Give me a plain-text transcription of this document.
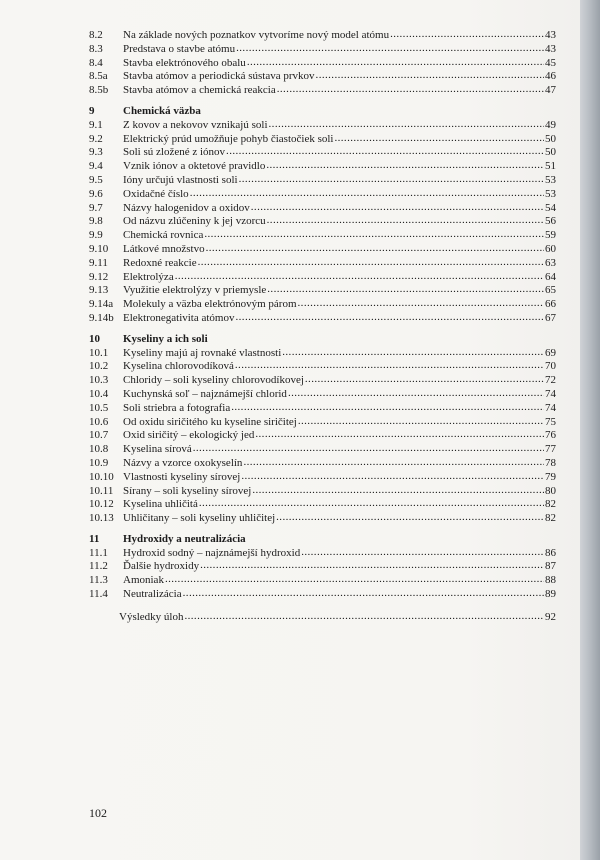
8.2	Na základe nových poznatkov vytvoríme nový model atómu .....	43
8.3	Predstava o stavbe atómu .....	43
8.4	Stavba elektrónového obalu .....	45
8.5a	Stavba atómov a periodická sústava prvkov .....	46
8.5b	Stavba atómov a chemická reakcia .....	47
9	Chemická väzba
9.1	Z kovov a nekovov vznikajú soli .....	49
9.2	Elektrický prúd umožňuje pohyb čiastočiek soli .....	50
9.3	Soli sú zložené z iónov .....	50
9.4	Vznik iónov a oktetové pravidlo .....	51
9.5	Ióny určujú vlastnosti soli .....	53
9.6	Oxidačné číslo .....	53
9.7	Názvy halogenidov a oxidov .....	54
9.8	Od názvu zlúčeniny k jej vzorcu .....	56
9.9	Chemická rovnica .....	59
9.10	Látkové množstvo .....	60
9.11	Redoxné reakcie .....	63
9.12	Elektrolýza .....	64
9.13	Využitie elektrolýzy v priemysle .....	65
9.14a Molekuly a väzba elektrónovým párom .....	66
9.14b Elektronegativita atómov .....	67
10	Kyseliny a ich soli
10.1	Kyseliny majú aj rovnaké vlastnosti .....	69
10.2	Kyselina chlorovodíková .....	70
10.3	Chloridy – soli kyseliny chlorovodíkovej .....	72
10.4	Kuchynská soľ – najznámejší chlorid .....	74
10.5	Soli striebra a fotografia .....	74
10.6	Od oxidu siričitého ku kyseline siričitej .....	75
10.7	Oxid siričitý – ekologický jed .....	76
10.8	Kyselina sírová .....	77
10.9	Názvy a vzorce oxokyselín .....	78
10.10 Vlastnosti kyseliny sírovej .....	79
10.11 Sírany – soli kyseliny sírovej .....	80
10.12 Kyselina uhličitá .....	82
10.13 Uhličitany – soli kyseliny uhličitej .....	82
11	Hydroxidy a neutralizácia
11.1	Hydroxid sodný – najznámejší hydroxid .....	86
11.2	Ďalšie hydroxidy .....	87
11.3	Amoniak .....	88
11.4	Neutralizácia .....	89
Výsledky úloh .....	92
102
